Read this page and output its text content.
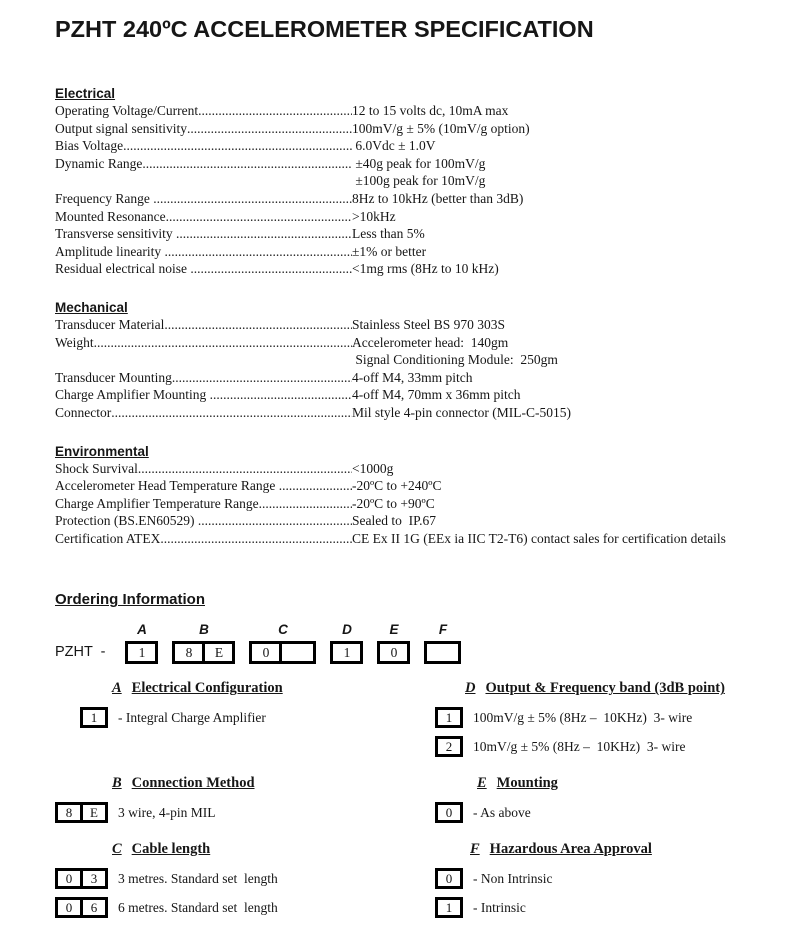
PZHT 240ºC ACCELEROMETER SPECIFICATION
Electrical
Operating Voltage/Current .....	12 to 15 volts dc, 10mA max
Output signal sensitivity .....	100mV/g ± 5% (10mV/g option)
Bias Voltage .....	6.0Vdc ± 1.0V
Dynamic Range .....	±40g peak for 100mV/g
±100g peak for 10mV/g
Frequency Range .....	8Hz to 10kHz (better than 3dB)
Mounted Resonance .....	>10kHz
Transverse sensitivity .....	Less than 5%
Amplitude linearity .....	±1% or better
Residual electrical noise .....	<1mg rms (8Hz to 10 kHz)
Mechanical
Transducer Material .....	Stainless Steel BS 970 303S
Weight .....	Accelerometer head:  140gm
Signal Conditioning Module:  250gm
Transducer Mounting .....	4-off M4, 33mm pitch
Charge Amplifier Mounting .....	4-off M4, 70mm x 36mm pitch
Connector .....	Mil style 4-pin connector (MIL-C-5015)
Environmental
Shock Survival .....	<1000g
Accelerometer Head Temperature Range .....	-20ºC to +240ºC
Charge Amplifier Temperature Range .....	-20ºC to +90ºC
Protection (BS.EN60529) .....	Sealed to  IP.67
Certification ATEX .....	CE Ex II 1G (EEx ia IIC T2-T6) contact sales for certification details
Ordering Information
PZHT  -
A
1
B
8	E
C
0
D
1
E
0
F
A Electrical Configuration
1	- Integral Charge Amplifier
D Output & Frequency band (3dB point)
1	100mV/g ± 5% (8Hz –  10KHz)  3- wire
2	10mV/g ± 5% (8Hz –  10KHz)  3- wire
B Connection Method
8	E	3 wire, 4-pin MIL
E Mounting
0	- As above
C Cable length
0	3	3 metres. Standard set  length
0	6	6 metres. Standard set  length
F Hazardous Area Approval
0	- Non Intrinsic
1	- Intrinsic
